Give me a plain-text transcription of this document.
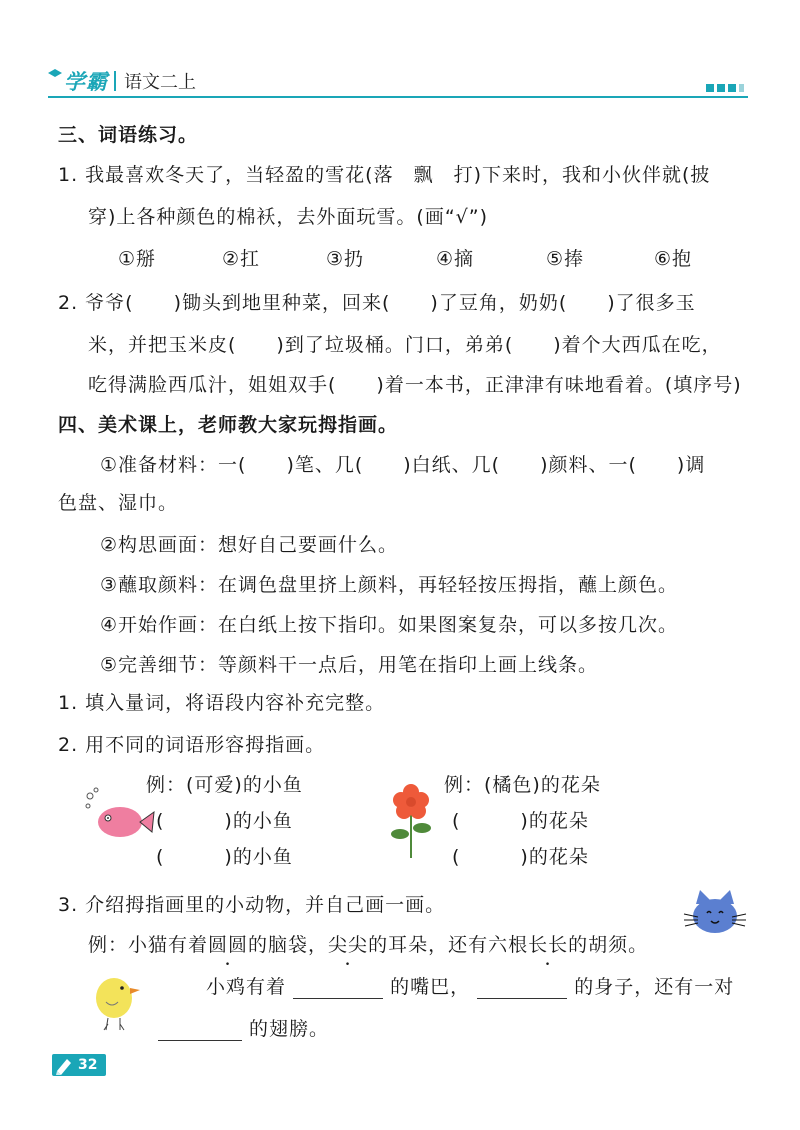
学霸 语文二上
三、词语练习。
1. 我最喜欢冬天了，当轻盈的雪花(落　飘　打)下来时，我和小伙伴就(披
穿)上各种颜色的棉袄，去外面玩雪。(画“√”)
①掰	②扛	③扔	④摘	⑤捧	⑥抱
2. 爷爷(　　)锄头到地里种菜，回来(　　)了豆角，奶奶(　　)了很多玉
米，并把玉米皮(　　)到了垃圾桶。门口，弟弟(　　)着个大西瓜在吃，
吃得满脸西瓜汁，姐姐双手(　　)着一本书，正津津有味地看着。(填序号)
四、美术课上，老师教大家玩拇指画。
①准备材料：一(　　)笔、几(　　)白纸、几(　　)颜料、一(　　)调
色盘、湿巾。
②构思画面：想好自己要画什么。
③蘸取颜料：在调色盘里挤上颜料，再轻轻按压拇指，蘸上颜色。
④开始作画：在白纸上按下指印。如果图案复杂，可以多按几次。
⑤完善细节：等颜料干一点后，用笔在指印上画上线条。
1. 填入量词，将语段内容补充完整。
2. 用不同的词语形容拇指画。
例：(可爱)的小鱼
(　　　)的小鱼
(　　　)的小鱼
例：(橘色)的花朵
(　　　)的花朵
(　　　)的花朵
3. 介绍拇指画里的小动物，并自己画一画。
例：小猫有着圆圆的脑袋，尖尖的耳朵，还有六根长长的胡须。
小鸡有着	的嘴巴，	的身子，还有一对
的翅膀。
32
